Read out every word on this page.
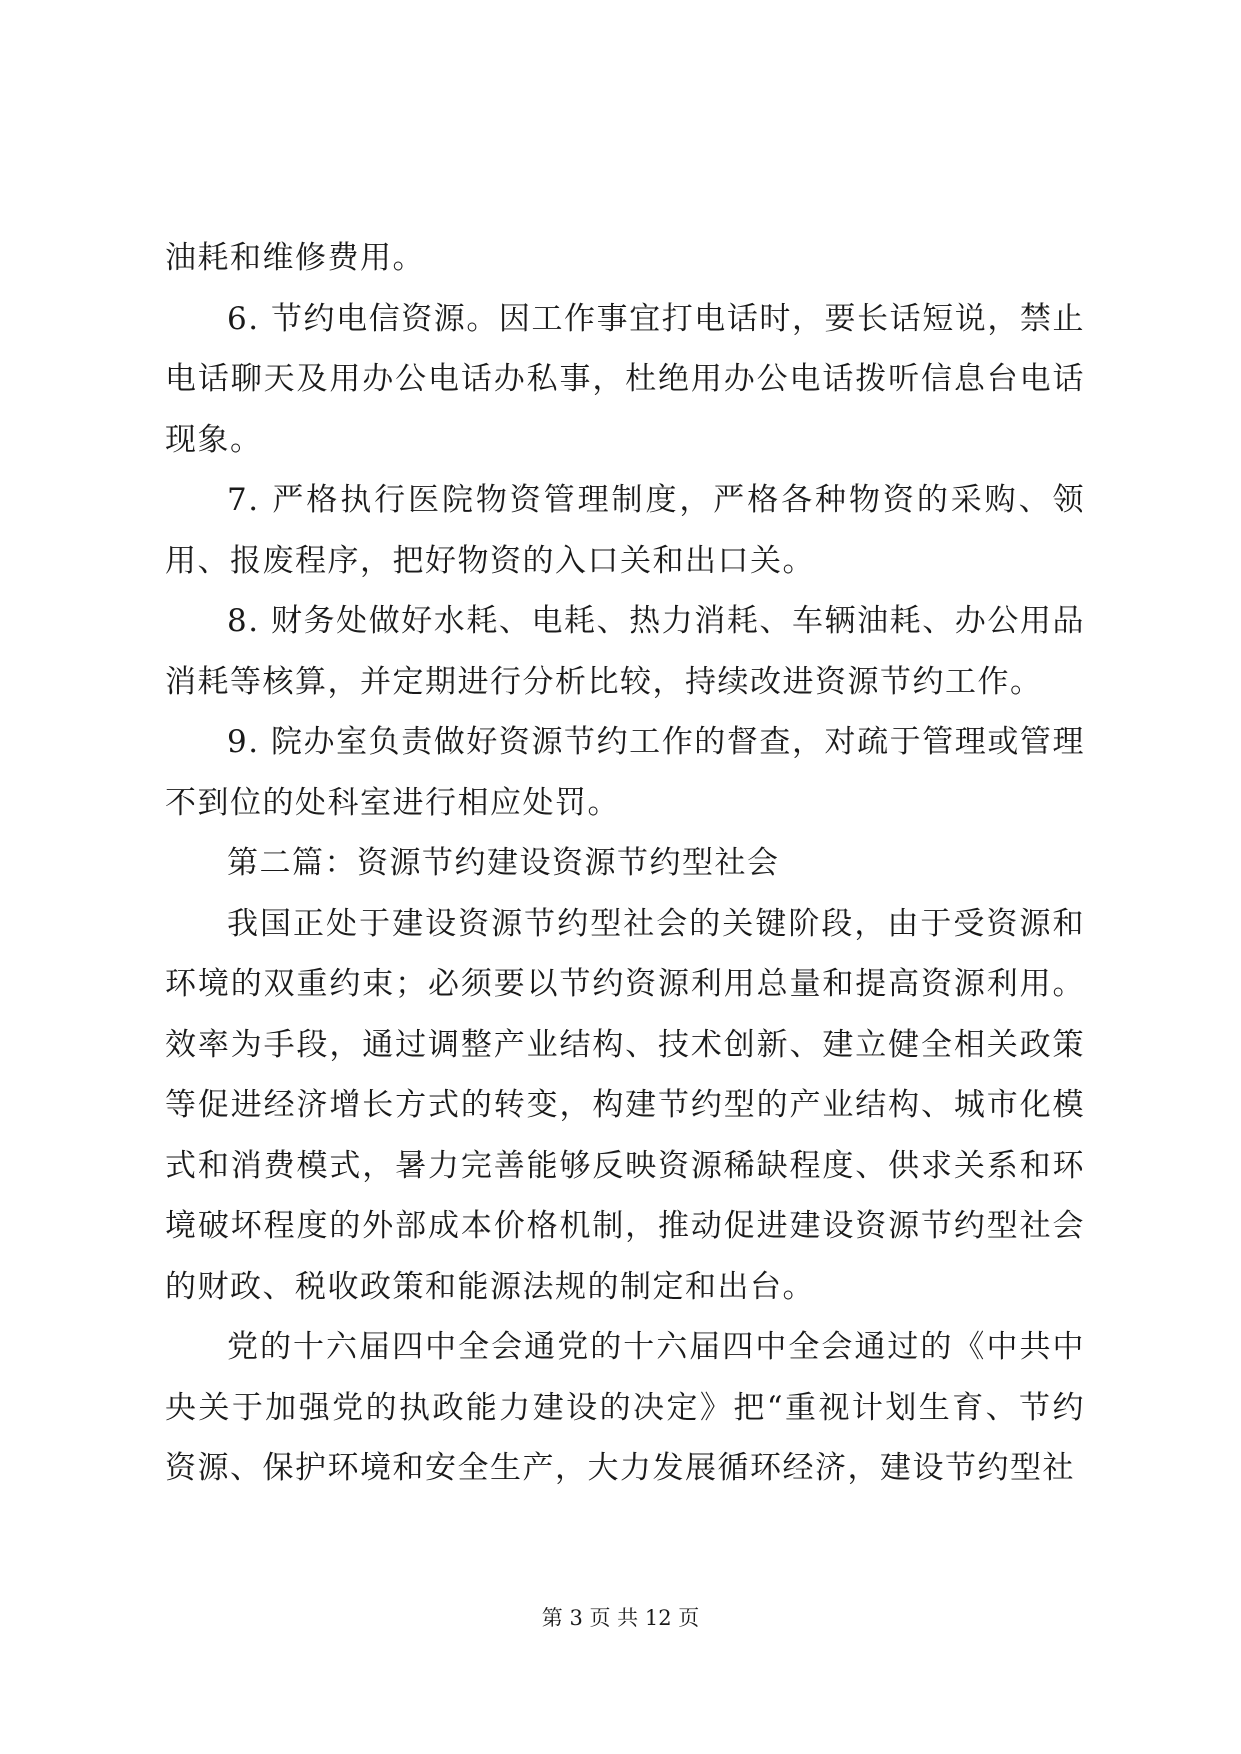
油耗和维修费用。

6. 节约电信资源。因工作事宜打电话时，要长话短说，禁止电话聊天及用办公电话办私事，杜绝用办公电话拨听信息台电话现象。

7. 严格执行医院物资管理制度，严格各种物资的采购、领用、报废程序，把好物资的入口关和出口关。

8. 财务处做好水耗、电耗、热力消耗、车辆油耗、办公用品消耗等核算，并定期进行分析比较，持续改进资源节约工作。

9. 院办室负责做好资源节约工作的督查，对疏于管理或管理不到位的处科室进行相应处罚。

第二篇：资源节约建设资源节约型社会

我国正处于建设资源节约型社会的关键阶段，由于受资源和环境的双重约束；必须要以节约资源利用总量和提高资源利用。效率为手段，通过调整产业结构、技术创新、建立健全相关政策等促进经济增长方式的转变，构建节约型的产业结构、城市化模式和消费模式，暑力完善能够反映资源稀缺程度、供求关系和环境破坏程度的外部成本价格机制，推动促进建设资源节约型社会的财政、税收政策和能源法规的制定和出台。

党的十六届四中全会通党的十六届四中全会通过的《中共中央关于加强党的执政能力建设的决定》把“重视计划生育、节约资源、保护环境和安全生产，大力发展循环经济，建设节约型社

第 3 页 共 12 页
